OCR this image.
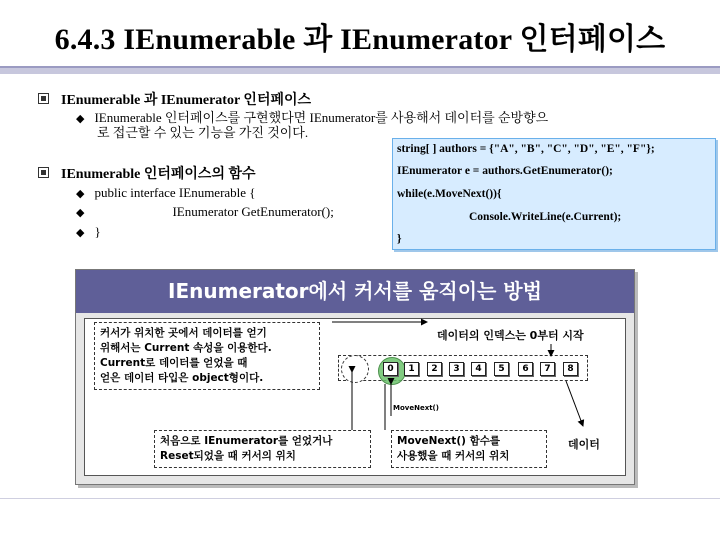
6.4.3 IEnumerable 과 IEnumerator 인터페이스
IEnumerable 과 IEnumerator 인터페이스
◆ IEnumerable 인터페이스를 구현했다면 IEnumerator를 사용해서 데이터를 순방향으
로 접근할 수 있는 기능을 가진 것이다.
IEnumerable 인터페이스의 함수
◆ public interface IEnumerable {
◆	IEnumerator GetEnumerator();
◆ }
string[ ] authors = {"A", "B", "C", "D", "E", "F"};
IEnumerator e = authors.GetEnumerator();
while(e.MoveNext()){
Console.WriteLine(e.Current);
}
IEnumerator에서 커서를 움직이는 방법
커서가 위치한 곳에서 데이터를 얻기
위해서는 Current 속성을 이용한다.
Current로 데이터를 얻었을 때
얻은 데이터 타입은 object형이다.
데이터의 인덱스는 0부터 시작
0	1	2	3	4	5	6	7	8
MoveNext()
처음으로 IEnumerator를 얻었거나
Reset되었을 때 커서의 위치
MoveNext() 함수를
사용했을 때 커서의 위치
데이터
